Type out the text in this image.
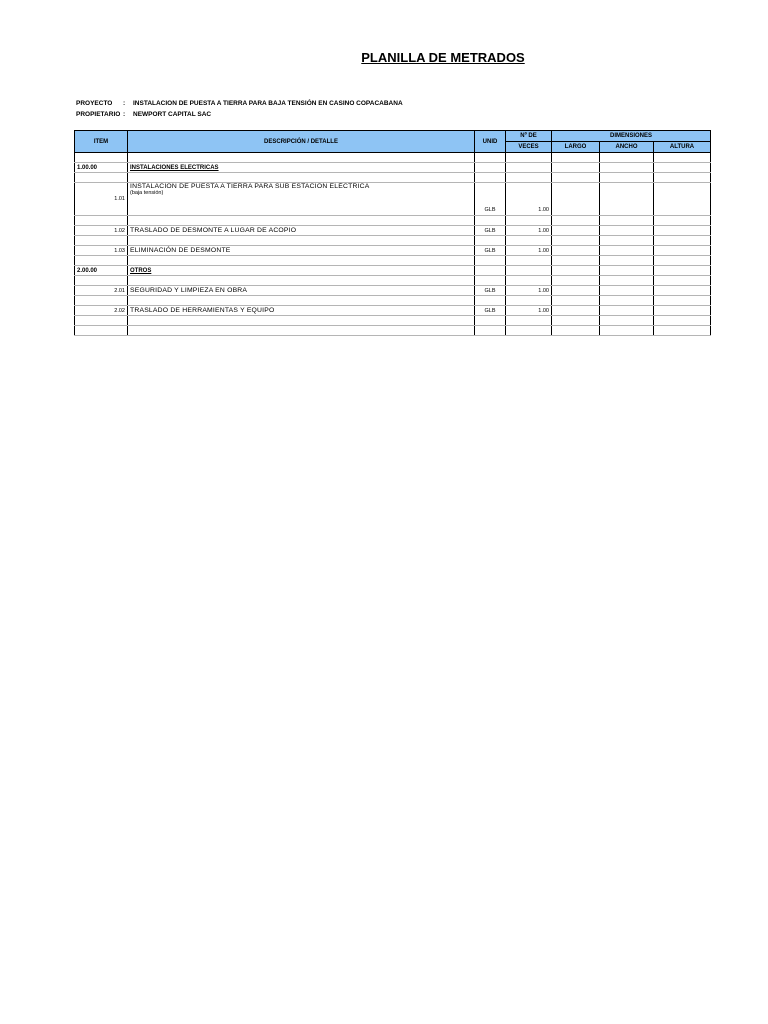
PLANILLA DE METRADOS
PROYECTO : INSTALACION DE PUESTA A TIERRA PARA BAJA TENSIÓN EN CASINO COPACABANA
PROPIETARIO : NEWPORT CAPITAL SAC
ITEM	DESCRIPCIÓN / DETALLE	UNID	Nº DE	DIMENSIONES		
			VECES	LARGO	ANCHO	ALTURA

1.00.00	INSTALACIONES ELECTRICAS					

1.01	INSTALACION DE PUESTA A TIERRA PARA SUB ESTACIÓN ELÉCTRICA
(baja tensión)	GLB	1.00			

1.02	TRASLADO DE DESMONTE A LUGAR DE ACOPIO	GLB	1.00			

1.03	ELIMINACIÓN DE DESMONTE	GLB	1.00			

2.00.00	OTROS					

2.01	SEGURIDAD Y LIMPIEZA EN OBRA	GLB	1.00			

2.02	TRASLADO DE HERRAMIENTAS Y EQUIPO	GLB	1.00			
